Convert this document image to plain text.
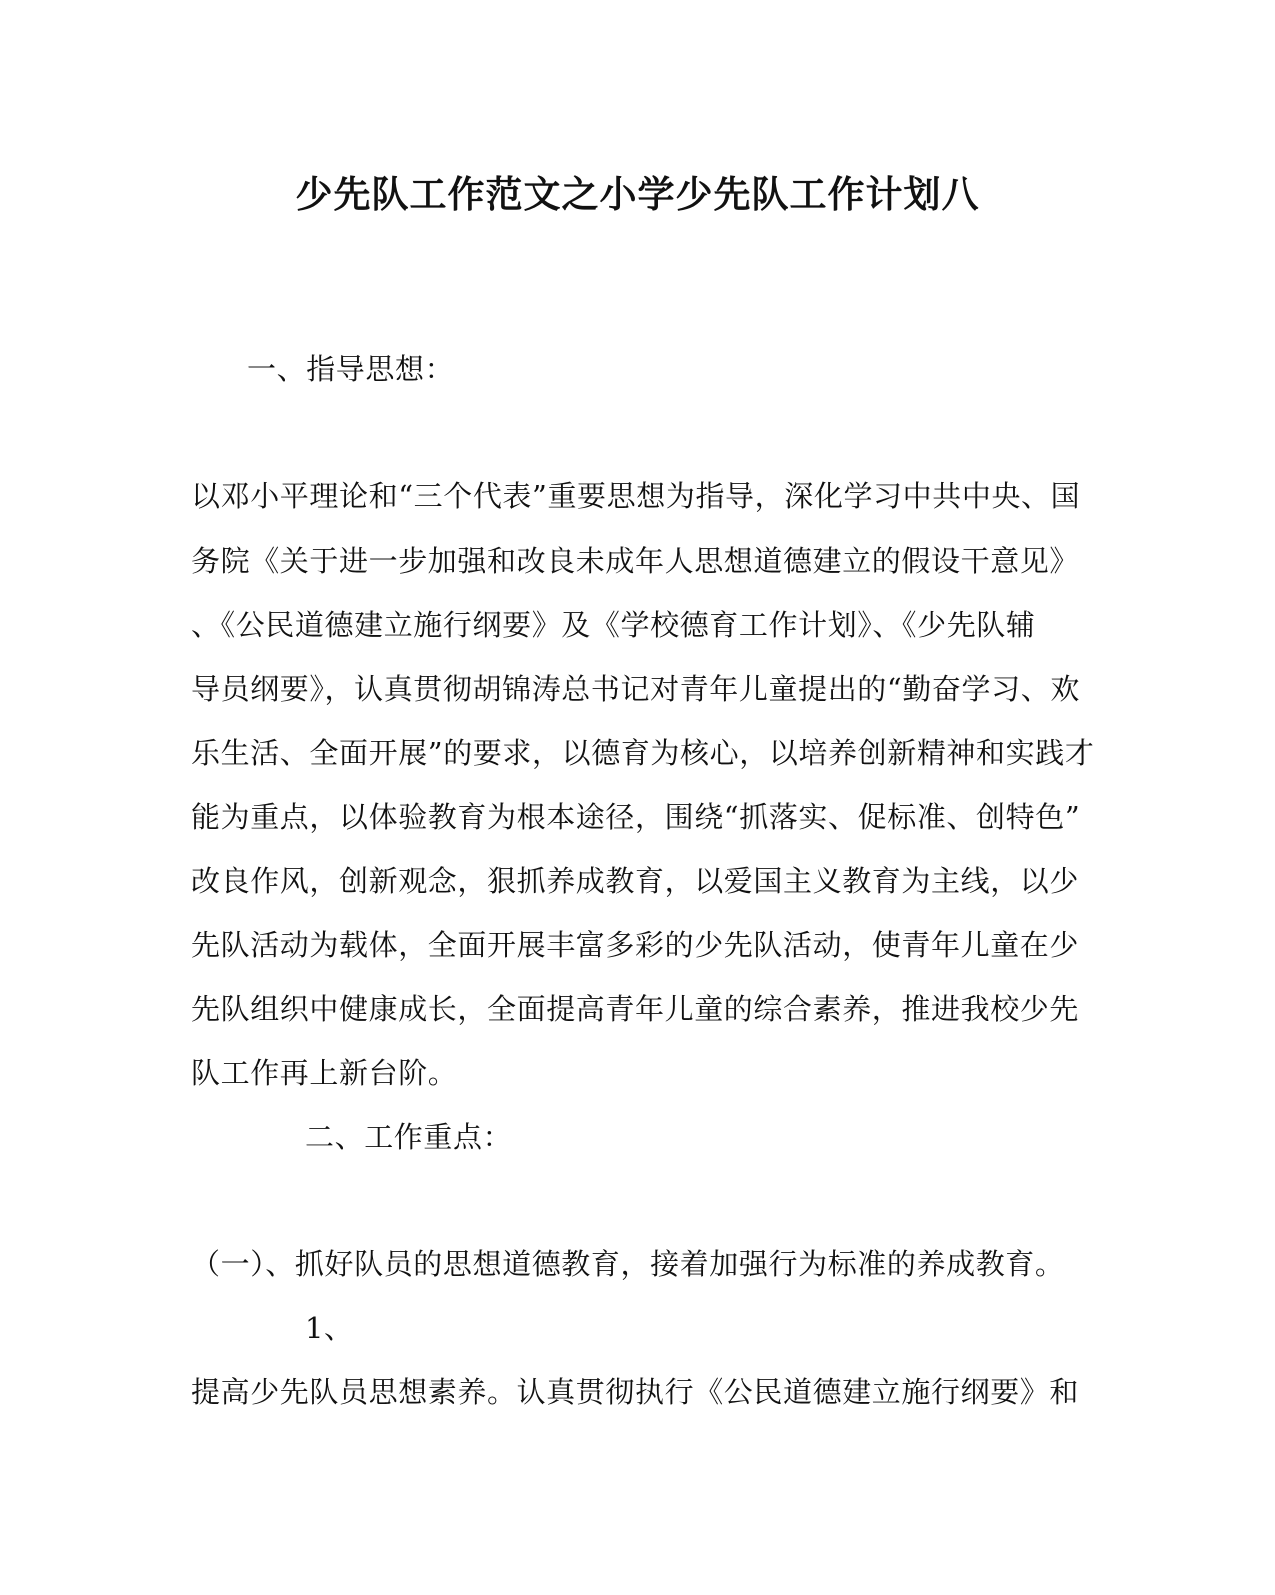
少先队工作范文之小学少先队工作计划八
一、指导思想：
以邓小平理论和“三个代表”重要思想为指导，深化学习中共中央、国
务院《关于进一步加强和改良未成年人思想道德建立的假设干意见》
、《公民道德建立施行纲要》及《学校德育工作计划》、《少先队辅
导员纲要》，认真贯彻胡锦涛总书记对青年儿童提出的“勤奋学习、欢
乐生活、全面开展”的要求，以德育为核心，以培养创新精神和实践才
能为重点，以体验教育为根本途径，围绕“抓落实、促标准、创特色”
改良作风，创新观念，狠抓养成教育，以爱国主义教育为主线，以少
先队活动为载体，全面开展丰富多彩的少先队活动，使青年儿童在少
先队组织中健康成长，全面提高青年儿童的综合素养，推进我校少先
队工作再上新台阶。
二、工作重点：
（一）、抓好队员的思想道德教育，接着加强行为标准的养成教育。
1、
提高少先队员思想素养。认真贯彻执行《公民道德建立施行纲要》和
